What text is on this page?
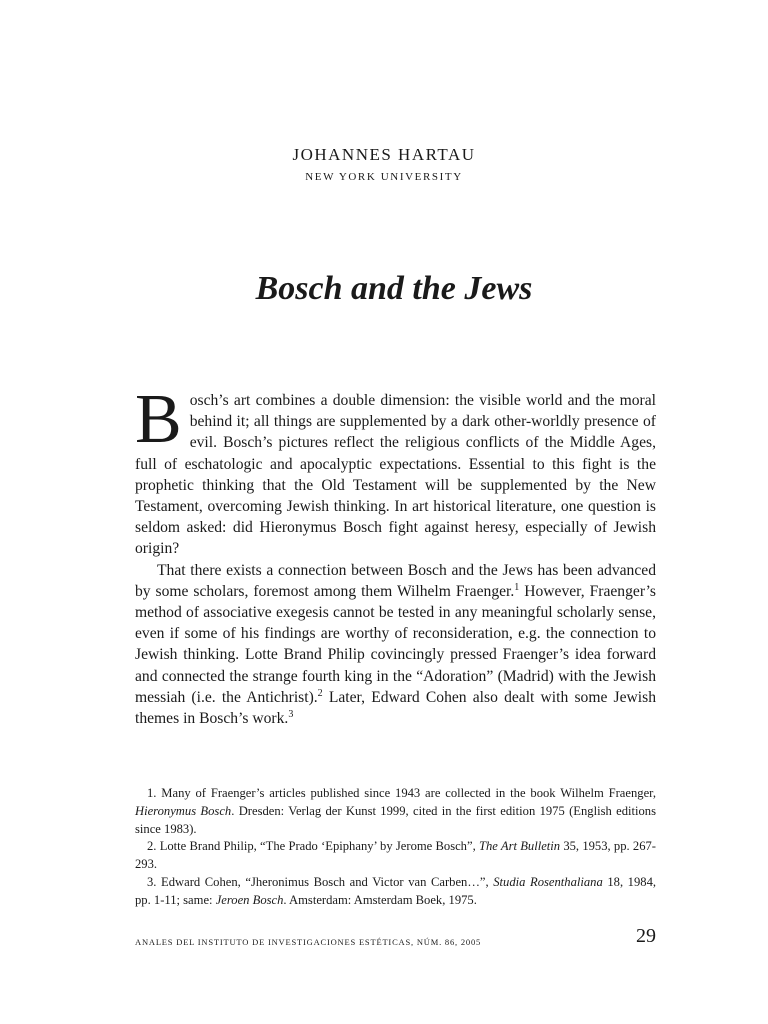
JOHANNES HARTAU
NEW YORK UNIVERSITY
Bosch and the Jews

Bosch’s art combines a double dimension: the visible world and the moral behind it; all things are supplemented by a dark other-worldly presence of evil. Bosch’s pictures reflect the religious conflicts of the Middle Ages, full of eschatologic and apocalyptic expectations. Essential to this fight is the prophetic thinking that the Old Testament will be supplemented by the New Testament, overcoming Jewish thinking. In art historical literature, one question is seldom asked: did Hieronymus Bosch fight against heresy, especially of Jewish origin?

That there exists a connection between Bosch and the Jews has been advanced by some scholars, foremost among them Wilhelm Fraenger.$^1$ However, Fraenger’s method of associative exegesis cannot be tested in any meaningful scholarly sense, even if some of his findings are worthy of reconsideration, e.g. the connection to Jewish thinking. Lotte Brand Philip covincingly pressed Fraenger’s idea forward and connected the strange fourth king in the “Adoration” (Madrid) with the Jewish messiah (i.e. the Antichrist).$^2$ Later, Edward Cohen also dealt with some Jewish themes in Bosch’s work.$^3$

1. Many of Fraenger’s articles published since 1943 are collected in the book Wilhelm Fraenger, Hieronymus Bosch. Dresden: Verlag der Kunst 1999, cited in the first edition 1975 (English editions since 1983).

2. Lotte Brand Philip, “The Prado ‘Epiphany’ by Jerome Bosch”, The Art Bulletin 35, 1953, pp. 267-293.

3. Edward Cohen, “Jheronimus Bosch and Victor van Carben…”, Studia Rosenthaliana 18, 1984, pp. 1-11; same: Jeroen Bosch. Amsterdam: Amsterdam Boek, 1975.

ANALES DEL INSTITUTO DE INVESTIGACIONES ESTÉTICAS, NÚM. 86, 2005	29
